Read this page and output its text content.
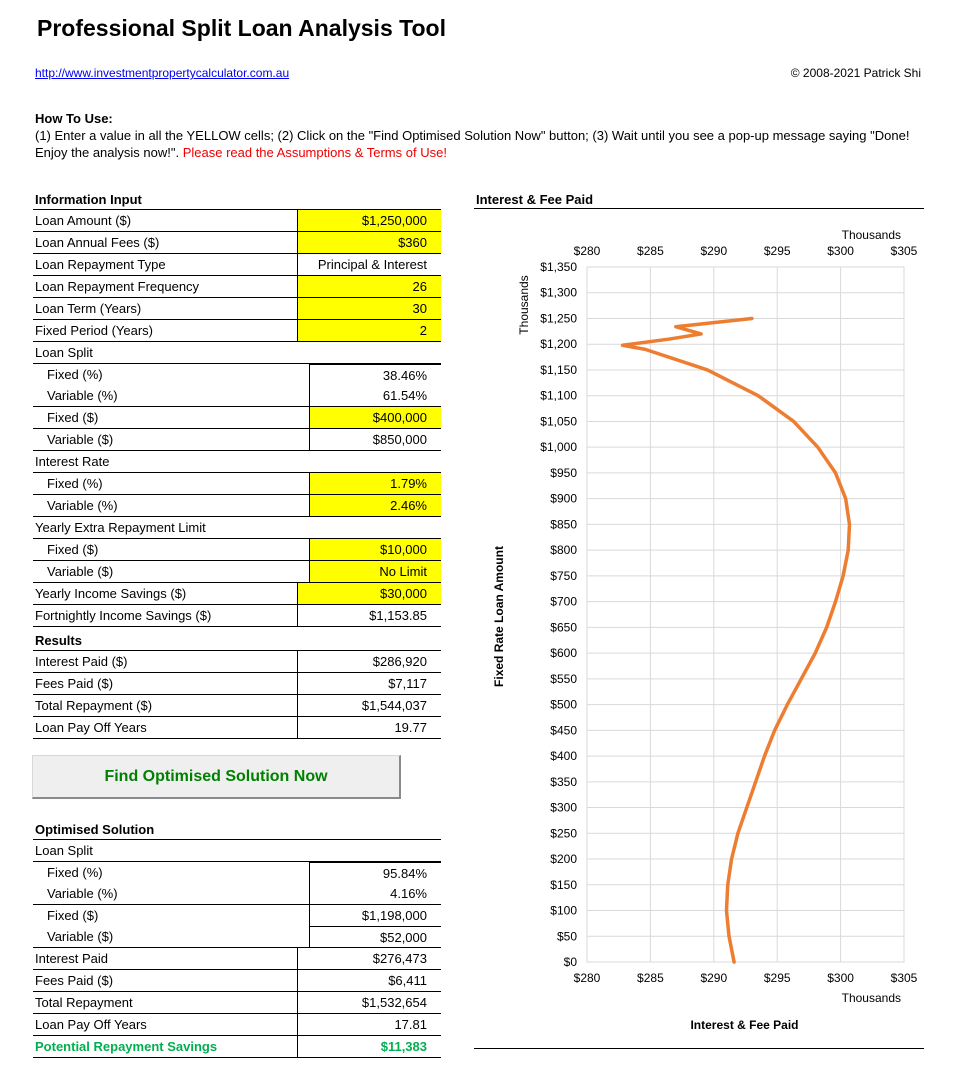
Professional Split Loan Analysis Tool
http://www.investmentpropertycalculator.com.au	© 2008-2021 Patrick Shi
How To Use:
(1) Enter a value in all the YELLOW cells; (2) Click on the "Find Optimised Solution Now" button; (3) Wait until you see a pop-up message saying "Done! Enjoy the analysis now!". Please read the Assumptions & Terms of Use!
Information Input
Loan Amount ($)	$1,250,000
Loan Annual Fees ($)	$360
Loan Repayment Type	Principal & Interest
Loan Repayment Frequency	26
Loan Term (Years)	30
Fixed Period (Years)	2
Loan Split
Fixed (%)	38.46%
Variable (%)	61.54%
Fixed ($)	$400,000
Variable ($)	$850,000
Interest Rate
Fixed (%)	1.79%
Variable (%)	2.46%
Yearly Extra Repayment Limit
Fixed ($)	$10,000
Variable ($)	No Limit
Yearly Income Savings ($)	$30,000
Fortnightly Income Savings ($)	$1,153.85
Results
Interest Paid ($)	$286,920
Fees Paid ($)	$7,117
Total Repayment ($)	$1,544,037
Loan Pay Off Years	19.77
Find Optimised Solution Now
Optimised Solution
Loan Split
Fixed (%)	95.84%
Variable (%)	4.16%
Fixed ($)	$1,198,000
Variable ($)	$52,000
Interest Paid	$276,473
Fees Paid ($)	$6,411
Total Repayment	$1,532,654
Loan Pay Off Years	17.81
Potential Repayment Savings	$11,383
Interest & Fee Paid
$0
$50
$100
$150
$200
$250
$300
$350
$400
$450
$500
$550
$600
$650
$700
$750
$800
$850
$900
$950
$1,000
$1,050
$1,100
$1,150
$1,200
$1,250
$1,300
$1,350
$280
$280
$285
$285
$290
$290
$295
$295
$300
$300
$305
$305
Thousands
Thousands
Thousands
Interest & Fee Paid
Fixed Rate Loan Amount
